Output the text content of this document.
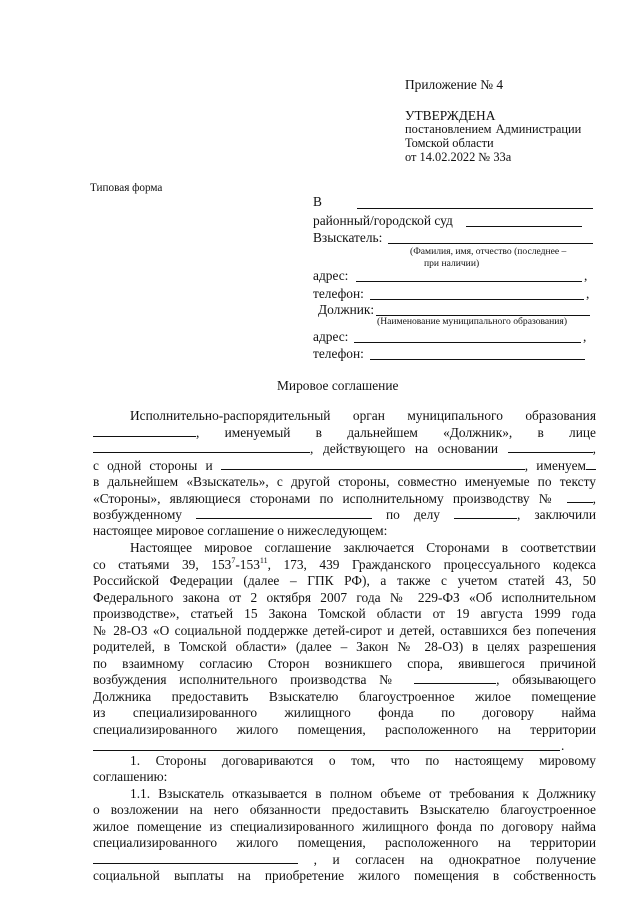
Приложение № 4
УТВЕРЖДЕНА
постановлением Администрации
Томской области
от 14.02.2022 № 33а
Типовая форма
В
районный/городской суд
Взыскатель:
(Фамилия, имя, отчество (последнее –
при наличии)
адрес:	,
телефон:	,
Должник:
(Наименование муниципального образования)
адрес:	,
телефон:
Мировое соглашение
Исполнительно-распорядительный орган муниципального образования
, именуемый в дальнейшем «Должник», в лице
, действующего на основании	,
с одной стороны и	, именуем
в дальнейшем «Взыскатель», с другой стороны, совместно именуемые по тексту
«Стороны», являющиеся сторонами по исполнительному производству №	,
возбужденному	по делу	, заключили
настоящее мировое соглашение о нижеследующем:
Настоящее мировое соглашение заключается Сторонами в соответствии
со статьями 39, $153^7-153^{11}$, 173, 439 Гражданского процессуального кодекса
Российской Федерации (далее – ГПК РФ), а также с учетом статей 43, 50
Федерального закона от 2 октября 2007 года № 229-ФЗ «Об исполнительном
производстве», статьей 15 Закона Томской области от 19 августа 1999 года
№ 28-ОЗ «О социальной поддержке детей-сирот и детей, оставшихся без попечения
родителей, в Томской области» (далее – Закон № 28-ОЗ) в целях разрешения
по взаимному согласию Сторон возникшего спора, явившегося причиной
возбуждения исполнительного производства №	, обязывающего
Должника предоставить Взыскателю благоустроенное жилое помещение
из специализированного жилищного фонда по договору найма
специализированного жилого помещения, расположенного на территории
.
1. Стороны договариваются о том, что по настоящему мировому
соглашению:
1.1. Взыскатель отказывается в полном объеме от требования к Должнику
о возложении на него обязанности предоставить Взыскателю благоустроенное
жилое помещение из специализированного жилищного фонда по договору найма
специализированного жилого помещения, расположенного на территории
, и согласен на однократное получение
социальной выплаты на приобретение жилого помещения в собственность
